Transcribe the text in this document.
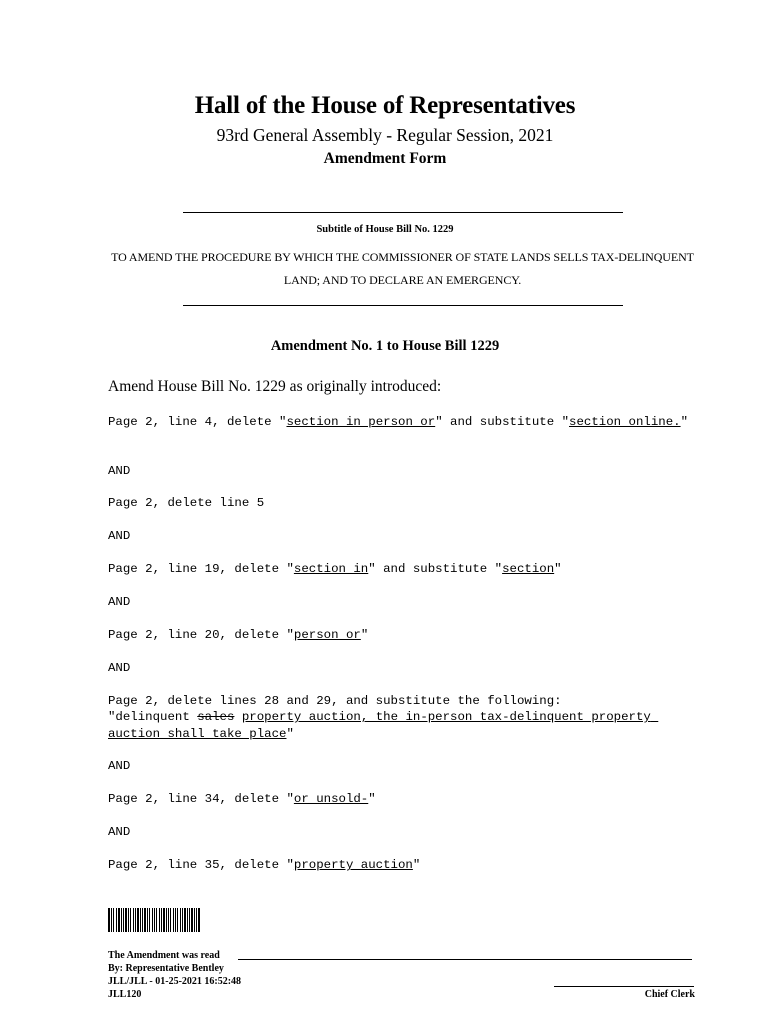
Hall of the House of Representatives
93rd General Assembly - Regular Session, 2021
Amendment Form
Subtitle of House Bill No. 1229
TO AMEND THE PROCEDURE BY WHICH THE COMMISSIONER OF STATE LANDS SELLS TAX-DELINQUENT LAND; AND TO DECLARE AN EMERGENCY.
Amendment No. 1 to House Bill 1229
Amend House Bill No. 1229 as originally introduced:
Page 2, line 4, delete "section in person or" and substitute "section online."
AND
Page 2, delete line 5
AND
Page 2, line 19, delete "section in" and substitute "section"
AND
Page 2, line 20, delete "person or"
AND
Page 2, delete lines 28 and 29, and substitute the following:
"delinquent sales property auction, the in-person tax-delinquent property auction shall take place"
AND
Page 2, line 34, delete "or unsold-"
AND
Page 2, line 35, delete "property auction"
The Amendment was read
By: Representative Bentley
JLL/JLL - 01-25-2021 16:52:48
JLL120	Chief Clerk
